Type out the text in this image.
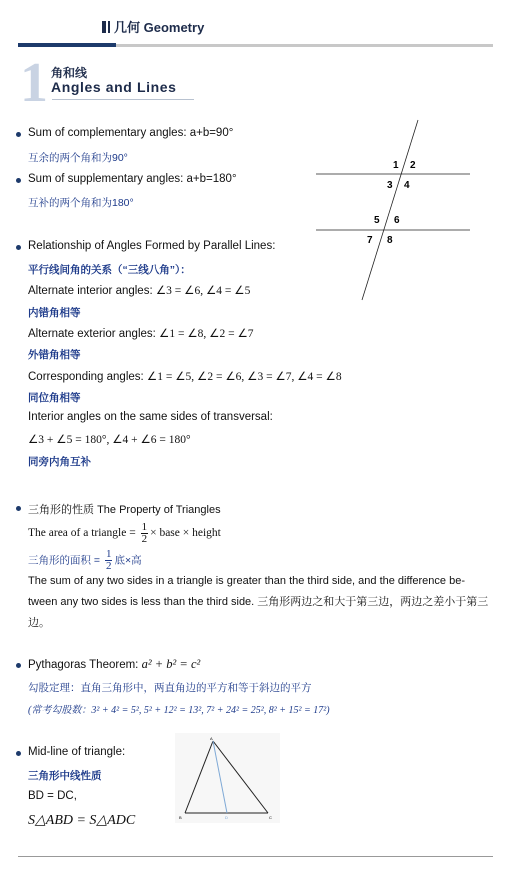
几何 Geometry
1 角和线
Angles and Lines
Sum of complementary angles: a+b=90°
互余的两个角和为90°
Sum of supplementary angles: a+b=180°
互补的两个角和为180°
1 2
3 4
5 6
7 8
Relationship of Angles Formed by Parallel Lines:
平行线间角的关系（“三线八角”）：
Alternate interior angles: ∠3 = ∠6, ∠4 = ∠5
内错角相等
Alternate exterior angles: ∠1 = ∠8, ∠2 = ∠7
外错角相等
Corresponding angles: ∠1 = ∠5, ∠2 = ∠6, ∠3 = ∠7, ∠4 = ∠8
同位角相等
Interior angles on the same sides of transversal:
∠3 + ∠5 = 180°, ∠4 + ∠6 = 180°
同旁内角互补
三角形的性质 The Property of Triangles
The area of a triangle = $\frac{1}{2}$ × base × height
三角形的面积 = $\frac{1}{2}$ 底×高
The sum of any two sides in a triangle is greater than the third side, and the difference be-
tween any two sides is less than the third side. 三角形两边之和大于第三边，两边之差小于第三边。
Pythagoras Theorem: a² + b² = c²
勾股定理：直角三角形中，两直角边的平方和等于斜边的平方
(常考勾股数：3² + 4² = 5², 5² + 12² = 13², 7² + 24² = 25², 8² + 15² = 17²)
Mid-line of triangle:
三角形中线性质
BD = DC,
S△ABD = S△ADC
A
B	C
D
